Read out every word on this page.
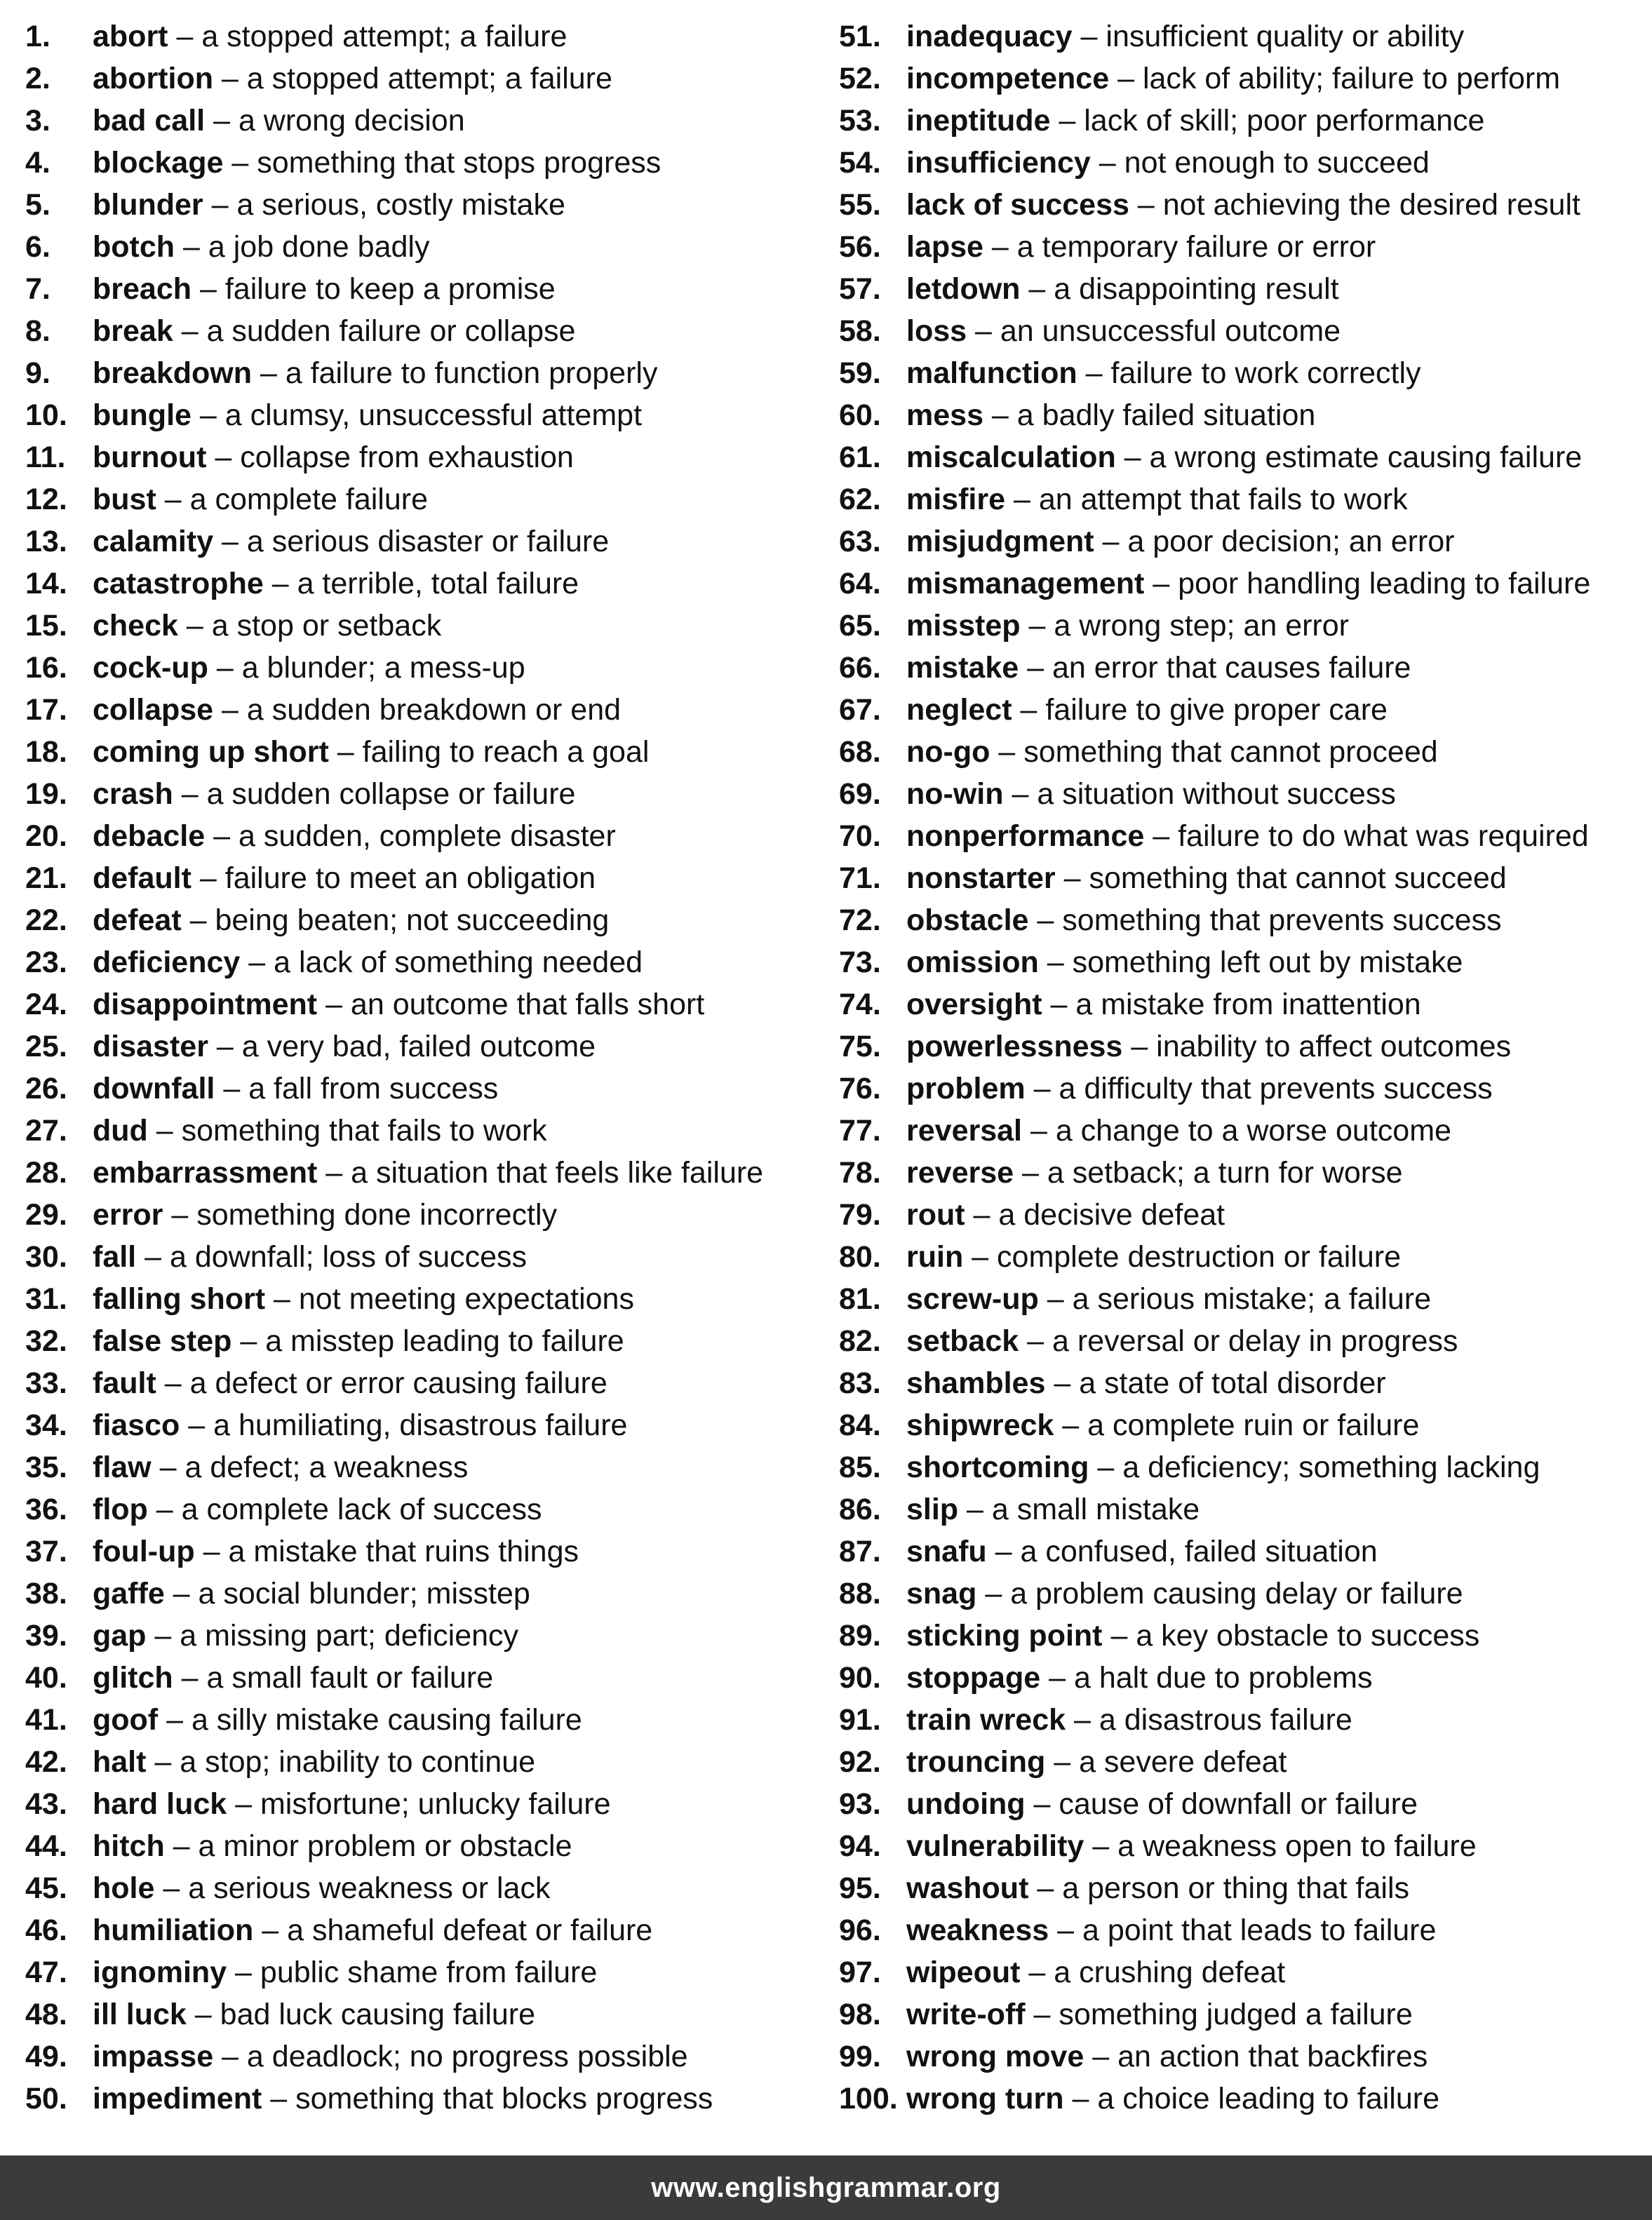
1. abort – a stopped attempt; a failure
2. abortion – a stopped attempt; a failure
3. bad call – a wrong decision
4. blockage – something that stops progress
5. blunder – a serious, costly mistake
6. botch – a job done badly
7. breach – failure to keep a promise
8. break – a sudden failure or collapse
9. breakdown – a failure to function properly
10. bungle – a clumsy, unsuccessful attempt
11. burnout – collapse from exhaustion
12. bust – a complete failure
13. calamity – a serious disaster or failure
14. catastrophe – a terrible, total failure
15. check – a stop or setback
16. cock-up – a blunder; a mess-up
17. collapse – a sudden breakdown or end
18. coming up short – failing to reach a goal
19. crash – a sudden collapse or failure
20. debacle – a sudden, complete disaster
21. default – failure to meet an obligation
22. defeat – being beaten; not succeeding
23. deficiency – a lack of something needed
24. disappointment – an outcome that falls short
25. disaster – a very bad, failed outcome
26. downfall – a fall from success
27. dud – something that fails to work
28. embarrassment – a situation that feels like failure
29. error – something done incorrectly
30. fall – a downfall; loss of success
31. falling short – not meeting expectations
32. false step – a misstep leading to failure
33. fault – a defect or error causing failure
34. fiasco – a humiliating, disastrous failure
35. flaw – a defect; a weakness
36. flop – a complete lack of success
37. foul-up – a mistake that ruins things
38. gaffe – a social blunder; misstep
39. gap – a missing part; deficiency
40. glitch – a small fault or failure
41. goof – a silly mistake causing failure
42. halt – a stop; inability to continue
43. hard luck – misfortune; unlucky failure
44. hitch – a minor problem or obstacle
45. hole – a serious weakness or lack
46. humiliation – a shameful defeat or failure
47. ignominy – public shame from failure
48. ill luck – bad luck causing failure
49. impasse – a deadlock; no progress possible
50. impediment – something that blocks progress
51. inadequacy – insufficient quality or ability
52. incompetence – lack of ability; failure to perform
53. ineptitude – lack of skill; poor performance
54. insufficiency – not enough to succeed
55. lack of success – not achieving the desired result
56. lapse – a temporary failure or error
57. letdown – a disappointing result
58. loss – an unsuccessful outcome
59. malfunction – failure to work correctly
60. mess – a badly failed situation
61. miscalculation – a wrong estimate causing failure
62. misfire – an attempt that fails to work
63. misjudgment – a poor decision; an error
64. mismanagement – poor handling leading to failure
65. misstep – a wrong step; an error
66. mistake – an error that causes failure
67. neglect – failure to give proper care
68. no-go – something that cannot proceed
69. no-win – a situation without success
70. nonperformance – failure to do what was required
71. nonstarter – something that cannot succeed
72. obstacle – something that prevents success
73. omission – something left out by mistake
74. oversight – a mistake from inattention
75. powerlessness – inability to affect outcomes
76. problem – a difficulty that prevents success
77. reversal – a change to a worse outcome
78. reverse – a setback; a turn for worse
79. rout – a decisive defeat
80. ruin – complete destruction or failure
81. screw-up – a serious mistake; a failure
82. setback – a reversal or delay in progress
83. shambles – a state of total disorder
84. shipwreck – a complete ruin or failure
85. shortcoming – a deficiency; something lacking
86. slip – a small mistake
87. snafu – a confused, failed situation
88. snag – a problem causing delay or failure
89. sticking point – a key obstacle to success
90. stoppage – a halt due to problems
91. train wreck – a disastrous failure
92. trouncing – a severe defeat
93. undoing – cause of downfall or failure
94. vulnerability – a weakness open to failure
95. washout – a person or thing that fails
96. weakness – a point that leads to failure
97. wipeout – a crushing defeat
98. write-off – something judged a failure
99. wrong move – an action that backfires
100. wrong turn – a choice leading to failure
www.englishgrammar.org
